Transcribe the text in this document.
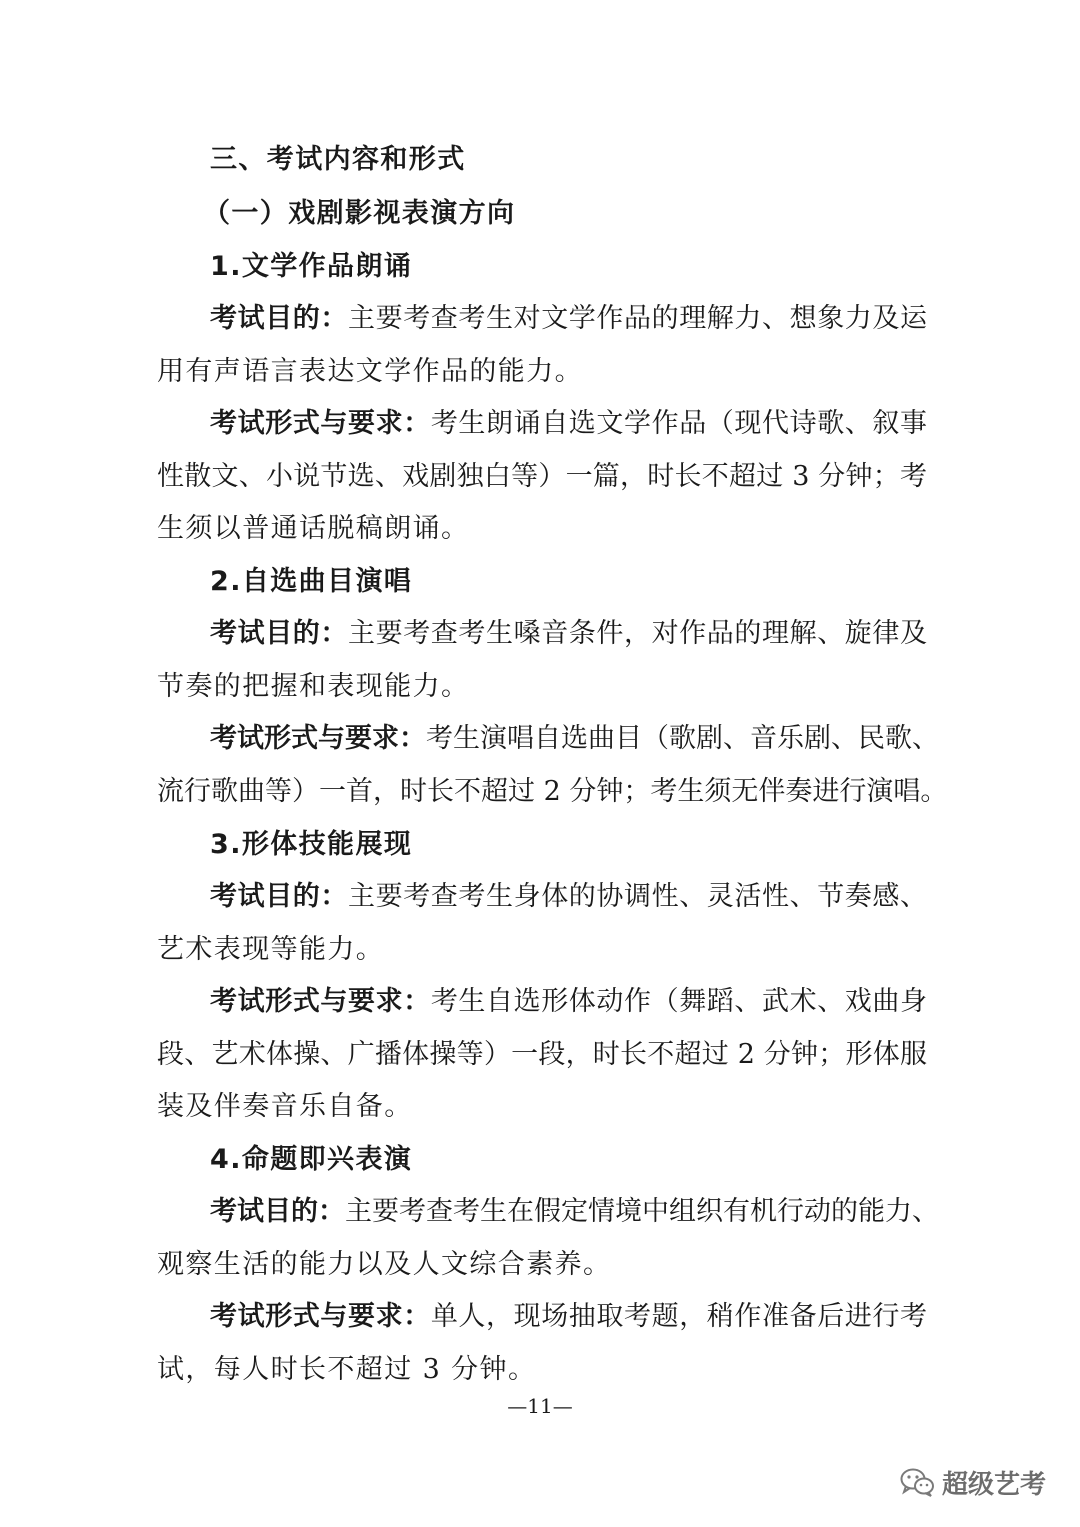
三、考试内容和形式
（一）戏剧影视表演方向
1.文学作品朗诵
考试目的：主要考查考生对文学作品的理解力、想象力及运
用有声语言表达文学作品的能力。
考试形式与要求：考生朗诵自选文学作品（现代诗歌、叙事
性散文、小说节选、戏剧独白等）一篇，时长不超过 3 分钟；考
生须以普通话脱稿朗诵。
2.自选曲目演唱
考试目的：主要考查考生嗓音条件，对作品的理解、旋律及
节奏的把握和表现能力。
考试形式与要求：考生演唱自选曲目（歌剧、音乐剧、民歌、
流行歌曲等）一首，时长不超过 2 分钟；考生须无伴奏进行演唱。
3.形体技能展现
考试目的：主要考查考生身体的协调性、灵活性、节奏感、
艺术表现等能力。
考试形式与要求：考生自选形体动作（舞蹈、武术、戏曲身
段、艺术体操、广播体操等）一段，时长不超过 2 分钟；形体服
装及伴奏音乐自备。
4.命题即兴表演
考试目的：主要考查考生在假定情境中组织有机行动的能力、
观察生活的能力以及人文综合素养。
考试形式与要求：单人，现场抽取考题，稍作准备后进行考
试，每人时长不超过 3 分钟。
—11—
超级艺考
